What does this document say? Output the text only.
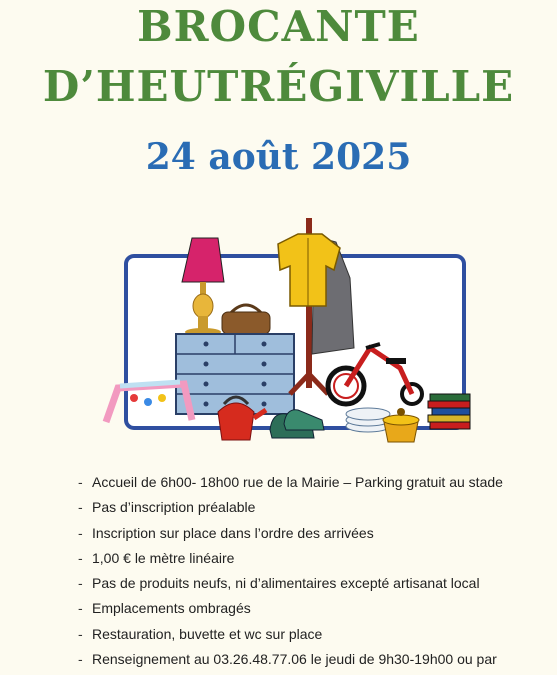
BROCANTE
D’HEUTRÉGIVILLE
24 août 2025
- Accueil de 6h00- 18h00 rue de la Mairie – Parking gratuit au stade
- Pas d’inscription préalable
- Inscription sur place dans l’ordre des arrivées
- 1,00 € le mètre linéaire
- Pas de produits neufs, ni d’alimentaires excepté artisanat local
- Emplacements ombragés
- Restauration, buvette et wc sur place
- Renseignement au 03.26.48.77.06 le jeudi de 9h30-19h00 ou par
